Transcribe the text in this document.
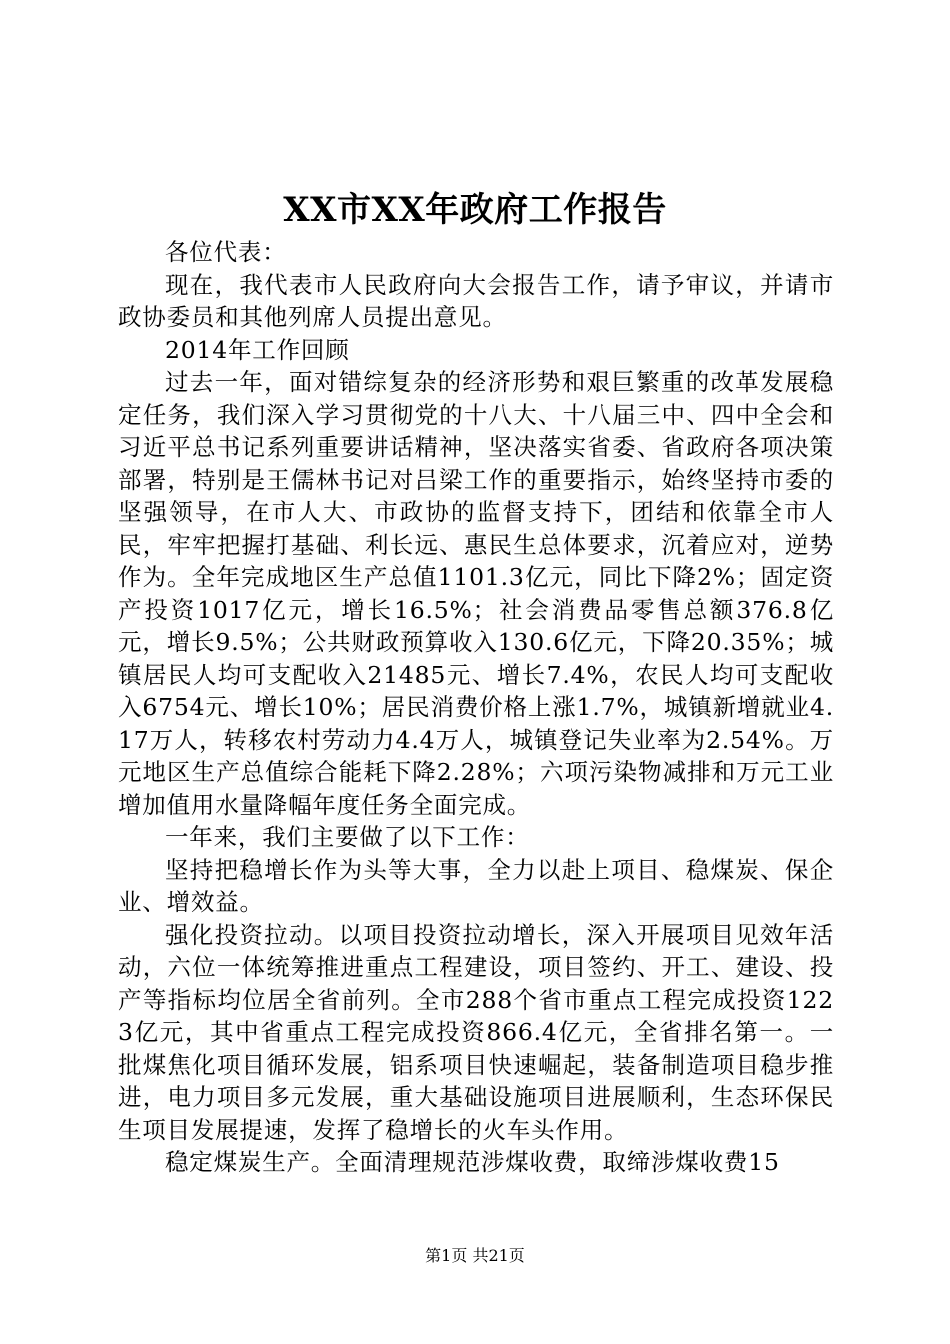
XX市XX年政府工作报告

各位代表：

现在，我代表市人民政府向大会报告工作，请予审议，并请市政协委员和其他列席人员提出意见。

2014年工作回顾

过去一年，面对错综复杂的经济形势和艰巨繁重的改革发展稳定任务，我们深入学习贯彻党的十八大、十八届三中、四中全会和习近平总书记系列重要讲话精神，坚决落实省委、省政府各项决策部署，特别是王儒林书记对吕梁工作的重要指示，始终坚持市委的坚强领导，在市人大、市政协的监督支持下，团结和依靠全市人民，牢牢把握打基础、利长远、惠民生总体要求，沉着应对，逆势作为。全年完成地区生产总值1101.3亿元，同比下降2%；固定资产投资1017亿元，增长16.5%；社会消费品零售总额376.8亿元，增长9.5%；公共财政预算收入130.6亿元，下降20.35%；城镇居民人均可支配收入21485元、增长7.4%，农民人均可支配收入6754元、增长10%；居民消费价格上涨1.7%，城镇新增就业4.17万人，转移农村劳动力4.4万人，城镇登记失业率为2.54%。万元地区生产总值综合能耗下降2.28%；六项污染物减排和万元工业增加值用水量降幅年度任务全面完成。

一年来，我们主要做了以下工作：

坚持把稳增长作为头等大事，全力以赴上项目、稳煤炭、保企业、增效益。

强化投资拉动。以项目投资拉动增长，深入开展项目见效年活动，六位一体统筹推进重点工程建设，项目签约、开工、建设、投产等指标均位居全省前列。全市288个省市重点工程完成投资1223亿元，其中省重点工程完成投资866.4亿元，全省排名第一。一批煤焦化项目循环发展，铝系项目快速崛起，装备制造项目稳步推进，电力项目多元发展，重大基础设施项目进展顺利，生态环保民生项目发展提速，发挥了稳增长的火车头作用。

稳定煤炭生产。全面清理规范涉煤收费，取缔涉煤收费15

第1页 共21页
